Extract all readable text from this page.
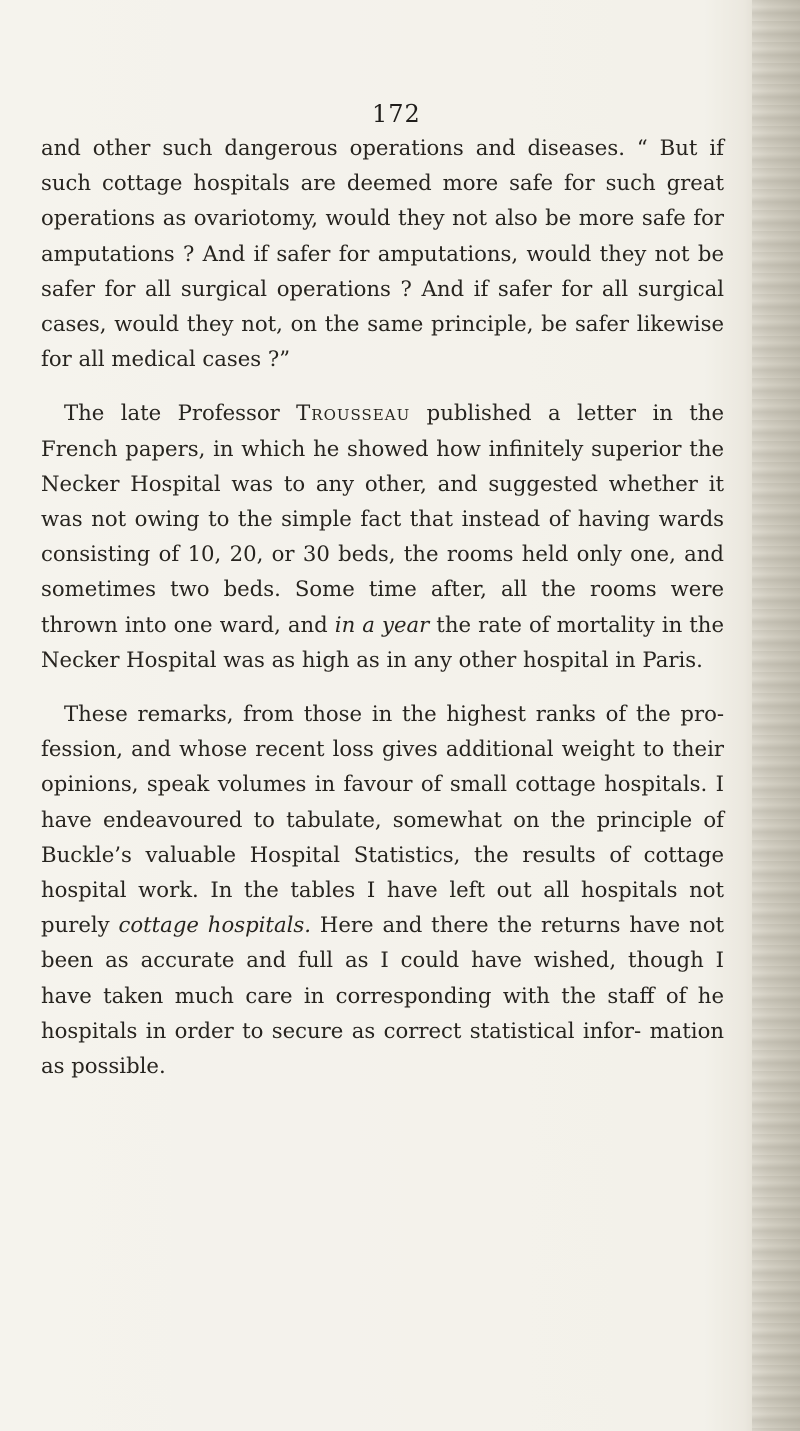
172

and other such dangerous operations and diseases. “ But if such cottage hospitals are deemed more safe for such great operations as ovariotomy, would they not also be more safe for amputations ? And if safer for amputations, would they not be safer for all surgical operations ? And if safer for all surgical cases, would they not, on the same principle, be safer likewise for all medical cases ?”

The late Professor Trousseau published a letter in the French papers, in which he showed how infinitely superior the Necker Hospital was to any other, and suggested whether it was not owing to the simple fact that instead of having wards consisting of 10, 20, or 30 beds, the rooms held only one, and sometimes two beds. Some time after, all the rooms were thrown into one ward, and in a year the rate of mortality in the Necker Hospital was as high as in any other hospital in Paris.

These remarks, from those in the highest ranks of the pro- fession, and whose recent loss gives additional weight to their opinions, speak volumes in favour of small cottage hospitals. I have endeavoured to tabulate, somewhat on the principle of Buckle’s valuable Hospital Statistics, the results of cottage hospital work. In the tables I have left out all hospitals not purely cottage hospitals. Here and there the returns have not been as accurate and full as I could have wished, though I have taken much care in corresponding with the staff of he hospitals in order to secure as correct statistical infor- mation as possible.
